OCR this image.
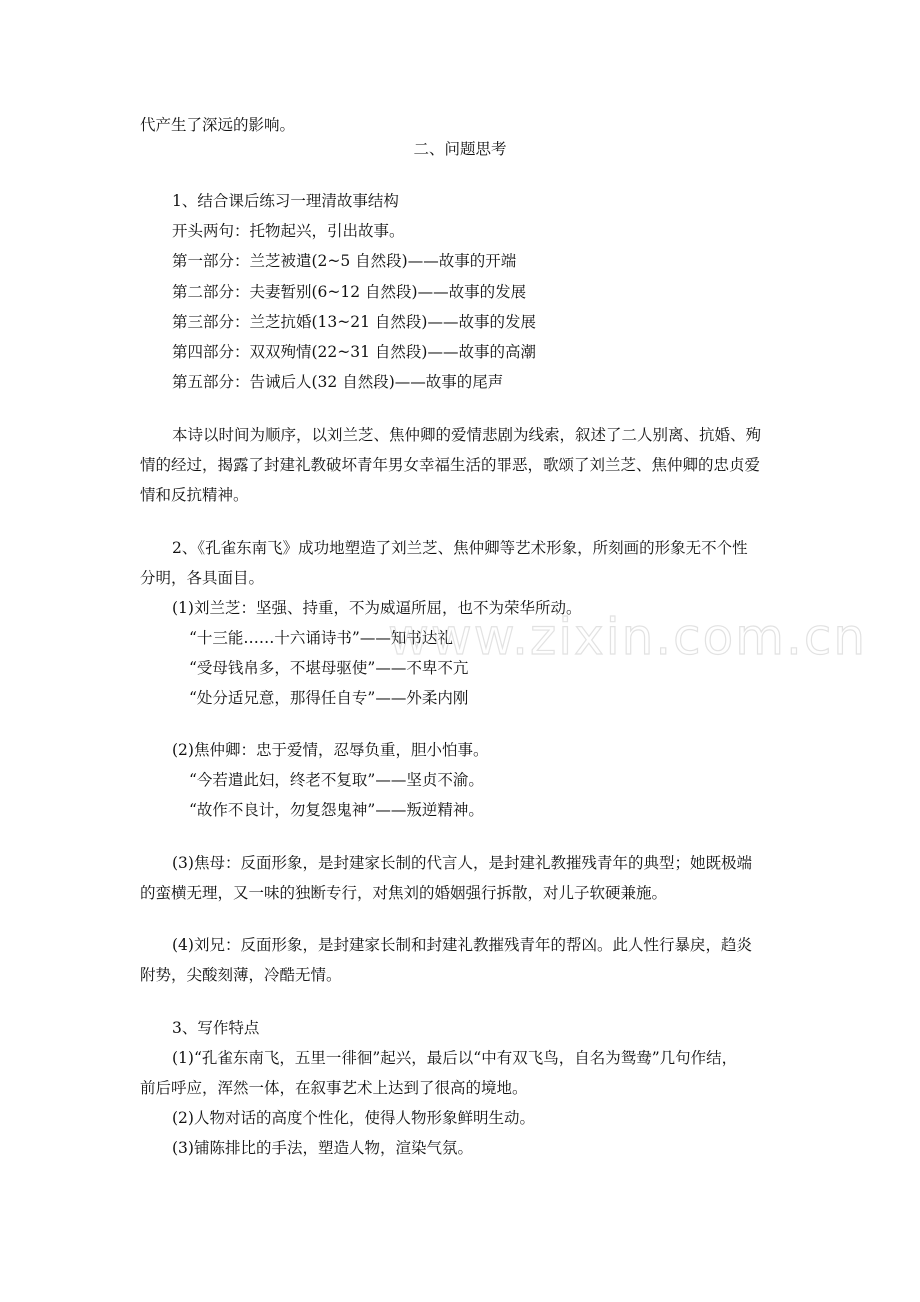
代产生了深远的影响。
二、问题思考
1、结合课后练习一理清故事结构
开头两句：托物起兴，引出故事。
第一部分：兰芝被遣(2~5 自然段)——故事的开端
第二部分：夫妻暂别(6~12 自然段)——故事的发展
第三部分：兰芝抗婚(13~21 自然段)——故事的发展
第四部分：双双殉情(22~31 自然段)——故事的高潮
第五部分：告诫后人(32 自然段)——故事的尾声
本诗以时间为顺序，以刘兰芝、焦仲卿的爱情悲剧为线索，叙述了二人别离、抗婚、殉
情的经过，揭露了封建礼教破坏青年男女幸福生活的罪恶，歌颂了刘兰芝、焦仲卿的忠贞爱
情和反抗精神。
2、《孔雀东南飞》成功地塑造了刘兰芝、焦仲卿等艺术形象，所刻画的形象无不个性
分明，各具面目。
(1)刘兰芝：坚强、持重，不为威逼所屈，也不为荣华所动。
“十三能……十六诵诗书”——知书达礼
“受母钱帛多，不堪母驱使”——不卑不亢
“处分适兄意，那得任自专”——外柔内刚
(2)焦仲卿：忠于爱情，忍辱负重，胆小怕事。
“今若遣此妇，终老不复取”——坚贞不渝。
“故作不良计，勿复怨鬼神”——叛逆精神。
(3)焦母：反面形象，是封建家长制的代言人，是封建礼教摧残青年的典型；她既极端
的蛮横无理，又一味的独断专行，对焦刘的婚姻强行拆散，对儿子软硬兼施。
(4)刘兄：反面形象，是封建家长制和封建礼教摧残青年的帮凶。此人性行暴戾，趋炎
附势，尖酸刻薄，冷酷无情。
3、写作特点
(1)“孔雀东南飞，五里一徘徊”起兴，最后以“中有双飞鸟，自名为鸳鸯”几句作结，
前后呼应，浑然一体，在叙事艺术上达到了很高的境地。
(2)人物对话的高度个性化，使得人物形象鲜明生动。
(3)铺陈排比的手法，塑造人物，渲染气氛。
www.zixin.com.cn
